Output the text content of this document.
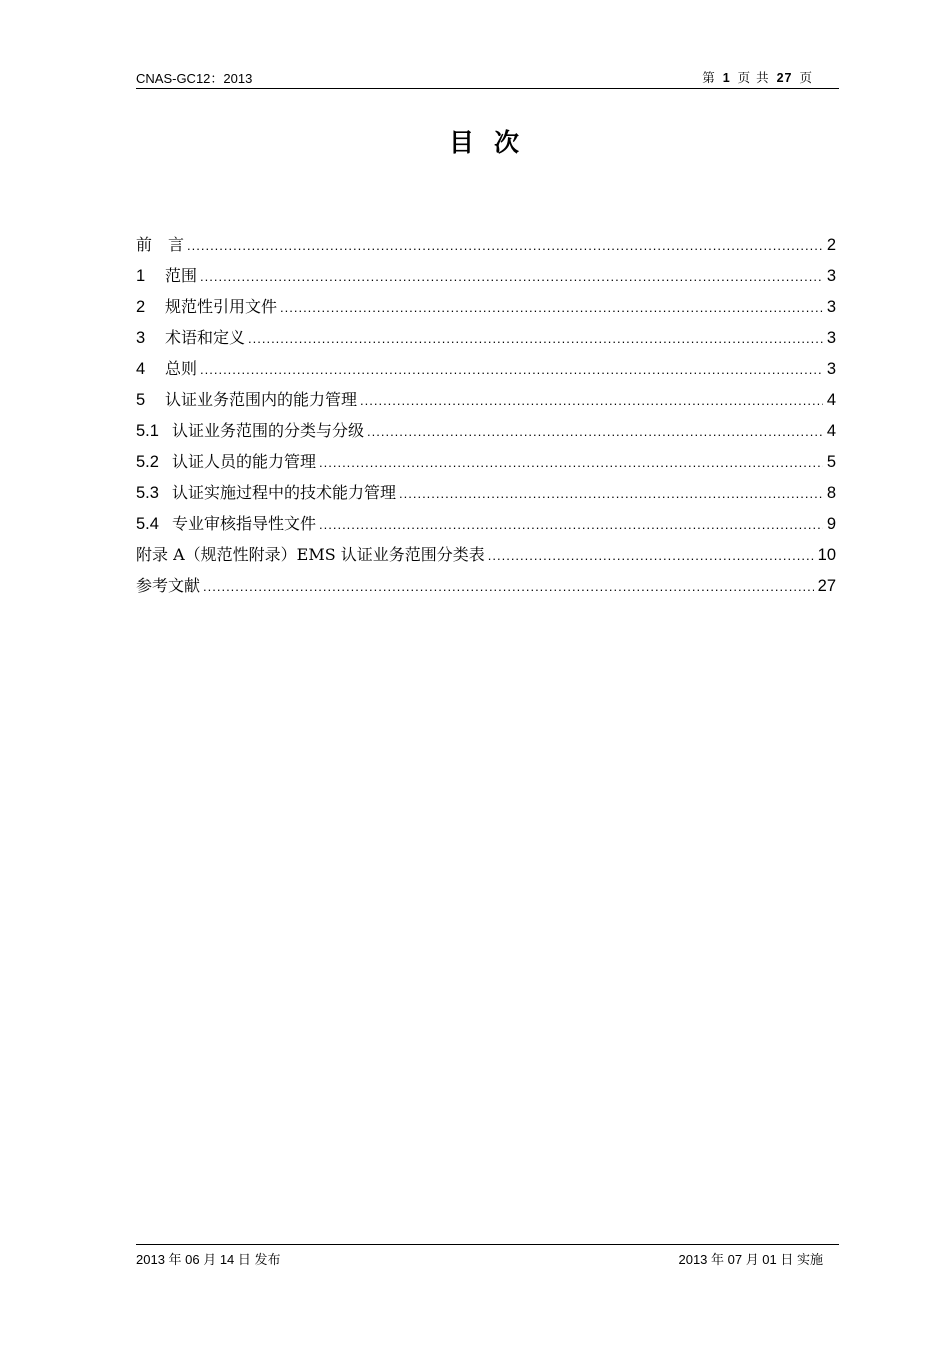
CNAS-GC12：2013	第 1 页 共 27 页
目次
前　言 .....	2
1	范围 .....	3
2	规范性引用文件 .....	3
3	术语和定义 .....	3
4	总则 .....	3
5	认证业务范围内的能力管理 .....	4
5.1 认证业务范围的分类与分级 .....	4
5.2 认证人员的能力管理 .....	5
5.3 认证实施过程中的技术能力管理 .....	8
5.4 专业审核指导性文件 .....	9
附录 A（规范性附录）EMS 认证业务范围分类表 .....	10
参考文献 .....	27
2013 年 06 月 14 日 发布	2013 年 07 月 01 日 实施
